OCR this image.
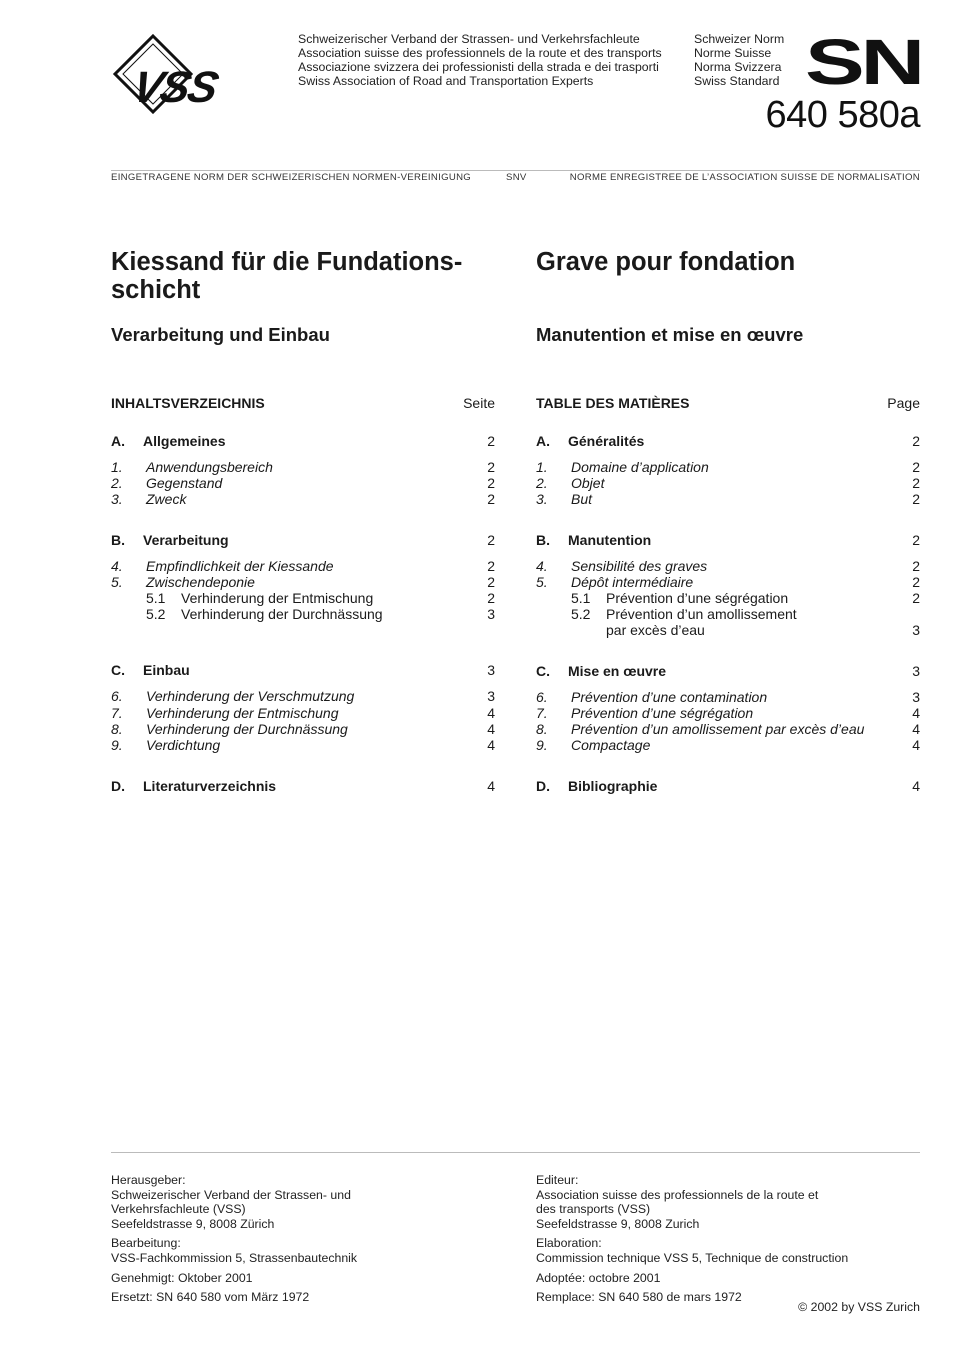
VSS
Schweizerischer Verband der Strassen- und Verkehrsfachleute
Association suisse des professionnels de la route et des transports
Associazione svizzera dei professionisti della strada e dei trasporti
Swiss Association of Road and Transportation Experts
Schweizer Norm
Norme Suisse
Norma Svizzera
Swiss Standard SN
640 580a
EINGETRAGENE NORM DER SCHWEIZERISCHEN NORMEN-VEREINIGUNG	SNV	NORME ENREGISTREE DE L’ASSOCIATION SUISSE DE NORMALISATION
Kiessand für die Fundations-
schicht
Verarbeitung und Einbau
INHALTSVERZEICHNIS	Seite
A. Allgemeines	2
1. Anwendungsbereich	2
2. Gegenstand	2
3. Zweck	2
B. Verarbeitung	2
4. Empfindlichkeit der Kiessande	2
5. Zwischendeponie	2
5.1 Verhinderung der Entmischung	2
5.2 Verhinderung der Durchnässung	3
C. Einbau	3
6. Verhinderung der Verschmutzung	3
7. Verhinderung der Entmischung	4
8. Verhinderung der Durchnässung	4
9. Verdichtung	4
D. Literaturverzeichnis	4
Grave pour fondation
Manutention et mise en œuvre
TABLE DES MATIÈRES	Page
A. Généralités	2
1. Domaine d’application	2
2. Objet	2
3. But	2
B. Manutention	2
4. Sensibilité des graves	2
5. Dépôt intermédiaire	2
5.1 Prévention d’une ségrégation	2
5.2 Prévention d’un amollissement
par excès d’eau	3
C. Mise en œuvre	3
6. Prévention d’une contamination	3
7. Prévention d’une ségrégation	4
8. Prévention d’un amollissement par excès d’eau	4
9. Compactage	4
D. Bibliographie	4

Herausgeber:

Schweizerischer Verband der Strassen- und

Verkehrsfachleute (VSS)

Seefeldstrasse 9, 8008 Zürich

Bearbeitung:

VSS-Fachkommission 5, Strassenbautechnik

Genehmigt: Oktober 2001

Ersetzt: SN 640 580 vom März 1972

Editeur:

Association suisse des professionnels de la route et

des transports (VSS)

Seefeldstrasse 9, 8008 Zurich

Elaboration:

Commission technique VSS 5, Technique de construction

Adoptée: octobre 2001

Remplace: SN 640 580 de mars 1972

© 2002 by VSS Zurich
